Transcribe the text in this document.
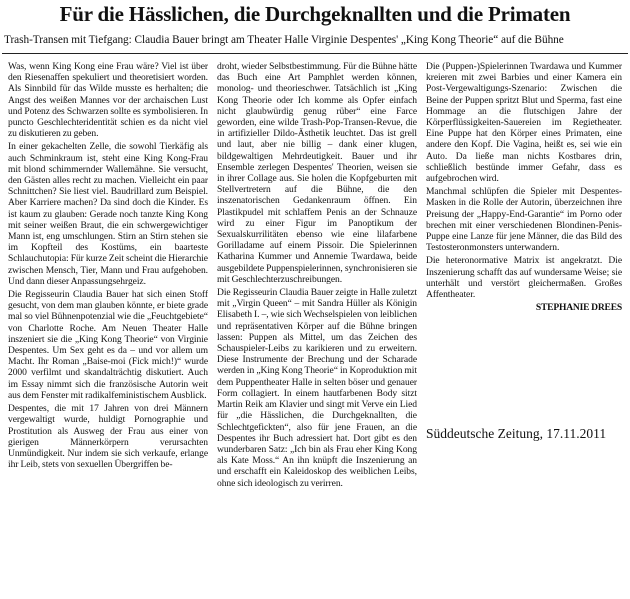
Für die Hässlichen, die Durchgeknallten und die Primaten
Trash-Transen mit Tiefgang: Claudia Bauer bringt am Theater Halle Virginie Despentes' „King Kong Theorie“ auf die Bühne

Was, wenn King Kong eine Frau wäre? Viel ist über den Riesenaffen spekuliert und theoretisiert worden. Als Sinnbild für das Wilde musste es herhalten; die Angst des weißen Mannes vor der archaischen Lust und Potenz des Schwarzen sollte es symbolisieren. In puncto Geschlechteridentität schien es da nicht viel zu diskutieren zu geben.

In einer gekachelten Zelle, die sowohl Tierkäfig als auch Schminkraum ist, steht eine King Kong-Frau mit blond schimmernder Wallemähne. Sie versucht, den Gästen alles recht zu machen. Vielleicht ein paar Schnittchen? Sie liest viel. Baudrillard zum Beispiel. Aber Karriere machen? Da sind doch die Kinder. Es ist kaum zu glauben: Gerade noch tanzte King Kong mit seiner weißen Braut, die ein schwergewichtiger Mann ist, eng umschlungen. Stirn an Stirn stehen sie im Kopfteil des Kostüms, ein baarteste Schlauchutopia: Für kurze Zeit scheint die Hierarchie zwischen Mensch, Tier, Mann und Frau aufgehoben. Und dann dieser Anpassungsehrgeiz.

Die Regisseurin Claudia Bauer hat sich einen Stoff gesucht, von dem man glauben könnte, er biete grade mal so viel Bühnenpotenzial wie die „Feuchtgebiete“ von Charlotte Roche. Am Neuen Theater Halle inszeniert sie die „King Kong Theorie“ von Virginie Despentes. Um Sex geht es da – und vor allem um Macht. Ihr Roman „Baise-moi (Fick mich!)“ wurde 2000 verfilmt und skandalträchtig diskutiert. Auch im Essay nimmt sich die französische Autorin weit aus dem Fenster mit radikalfeministischem Ausblick.

Despentes, die mit 17 Jahren von drei Männern vergewaltigt wurde, huldigt Pornographie und Prostitution als Ausweg der Frau aus einer von gierigen Männerkörpern verursachten Unmündigkeit. Nur indem sie sich verkaufe, erlange ihr Leib, stets von sexuellen Übergriffen be-

droht, wieder Selbstbestimmung. Für die Bühne hätte das Buch eine Art Pamphlet werden können, monolog- und theorieschwer. Tatsächlich ist „King Kong Theorie oder Ich komme als Opfer einfach nicht glaubwürdig genug rüber“ eine Farce geworden, eine wilde Trash-Pop-Transen-Revue, die in artifizieller Dildo-Ästhetik leuchtet. Das ist grell und laut, aber nie billig – dank einer klugen, bildgewaltigen Mehrdeutigkeit. Bauer und ihr Ensemble zerlegen Despentes' Theorien, weisen sie in ihrer Collage aus. Sie holen die Kopfgeburten mit Stellvertretern auf die Bühne, die den inszenatorischen Gedankenraum öffnen. Ein Plastikpudel mit schlaffem Penis an der Schnauze wird zu einer Figur im Panoptikum der Sexualskurrilitäten ebenso wie eine lilafarbene Gorilladame auf einem Pissoir. Die Spielerinnen Katharina Kummer und Annemie Twardawa, beide ausgebildete Puppenspielerinnen, synchronisieren sie mit Geschlechterzuschreibungen.

Die Regisseurin Claudia Bauer zeigte in Halle zuletzt mit „Virgin Queen“ – mit Sandra Hüller als Königin Elisabeth I. –, wie sich Wechselspielen von leiblichen und repräsentativen Körper auf die Bühne bringen lassen: Puppen als Mittel, um das Zeichen des Schauspieler-Leibs zu karikieren und zu erweitern. Diese Instrumente der Brechung und der Scharade werden in „King Kong Theorie“ in Koproduktion mit dem Puppentheater Halle in selten böser und genauer Form collagiert. In einem hautfarbenen Body sitzt Martin Reik am Klavier und singt mit Verve ein Lied für „die Hässlichen, die Durchgeknallten, die Schlechtgefickten“, also für jene Frauen, an die Despentes ihr Buch adressiert hat. Dort gibt es den wunderbaren Satz: „Ich bin als Frau eher King Kong als Kate Moss.“ An ihn knüpft die Inszenierung an und erschafft ein Kaleidoskop des weiblichen Leibs, ohne sich ideologisch zu verirren.

Die (Puppen-)Spielerinnen Twardawa und Kummer kreieren mit zwei Barbies und einer Kamera ein Post-Vergewaltigungs-Szenario: Zwischen die Beine der Puppen spritzt Blut und Sperma, fast eine Hommage an die flutschigen Jahre der Körperflüssigkeiten-Sauereien im Regietheater. Eine Puppe hat den Körper eines Primaten, eine andere den Kopf. Die Vagina, heißt es, sei wie ein Auto. Da ließe man nichts Kostbares drin, schließlich bestünde immer Gefahr, dass es aufgebrochen wird.

Manchmal schlüpfen die Spieler mit Despentes-Masken in die Rolle der Autorin, überzeichnen ihre Preisung der „Happy-End-Garantie“ im Porno oder brechen mit einer verschiedenen Blondinen-Penis-Puppe eine Lanze für jene Männer, die das Bild des Testosteronmonsters unterwandern.

Die heteronormative Matrix ist angekratzt. Die Inszenierung schafft das auf wundersame Weise; sie unterhält und verstört gleichermaßen. Großes Affentheater.

STEPHANIE DREES
Süddeutsche Zeitung, 17.11.2011
